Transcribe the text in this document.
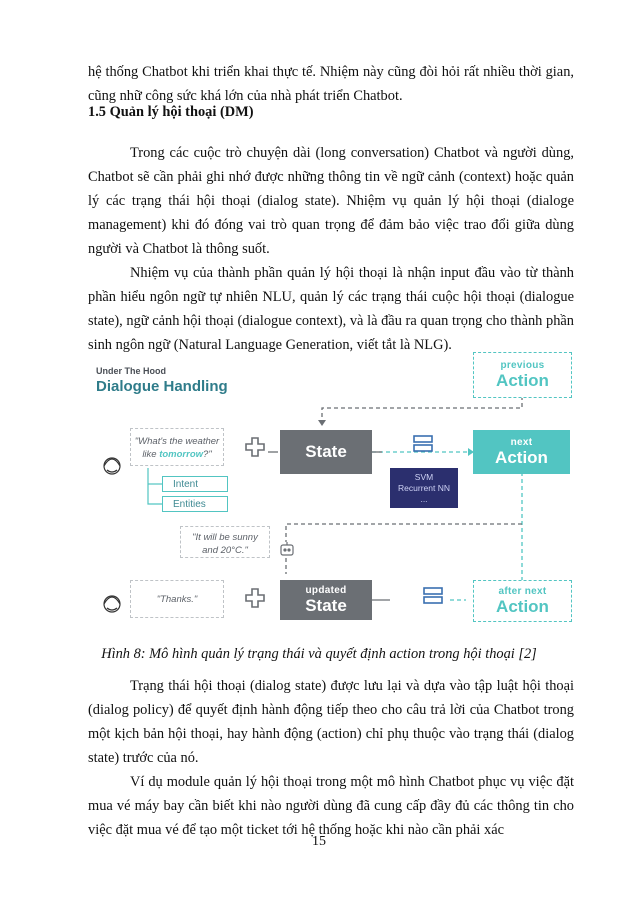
hệ thống Chatbot khi triển khai thực tế. Nhiệm này cũng đòi hỏi rất nhiều thời gian, cũng nhữ công sức khá lớn của nhà phát triển Chatbot.

1.5 Quản lý hội thoại (DM)

Trong các cuộc trò chuyện dài (long conversation) Chatbot và người dùng, Chatbot sẽ cần phải ghi nhớ được những thông tin về ngữ cảnh (context) hoặc quản lý các trạng thái hội thoại (dialog state). Nhiệm vụ quản lý hội thoại (dialoge management) khi đó đóng vai trò quan trọng để đảm bảo việc trao đổi giữa dùng người và Chatbot là thông suốt.

Nhiệm vụ của thành phần quản lý hội thoại là nhận input đầu vào từ thành phần hiểu ngôn ngữ tự nhiên NLU, quản lý các trạng thái cuộc hội thoại (dialogue state), ngữ cảnh hội thoại (dialogue context), và là đầu ra quan trọng cho thành phần sinh ngôn ngữ (Natural Language Generation, viết tắt là NLG).

Under The Hood
Dialogue Handling
previous
Action
"What's the weather
like tomorrow?"
Intent
Entities
State
SVM
Recurrent NN
...
next
Action
"It will be sunny
and 20°C."
"Thanks."
updated
State
after next
Action
Hình 8: Mô hình quản lý trạng thái và quyết định action trong hội thoại [2]

Trạng thái hội thoại (dialog state) được lưu lại và dựa vào tập luật hội thoại (dialog policy) để quyết định hành động tiếp theo cho câu trả lời của Chatbot trong một kịch bản hội thoại, hay hành động (action) chỉ phụ thuộc vào trạng thái (dialog state) trước của nó.

Ví dụ module quản lý hội thoại trong một mô hình Chatbot phục vụ việc đặt mua vé máy bay cần biết khi nào người dùng đã cung cấp đầy đủ các thông tin cho việc đặt mua vé để tạo một ticket tới hệ thống hoặc khi nào cần phải xác

15
